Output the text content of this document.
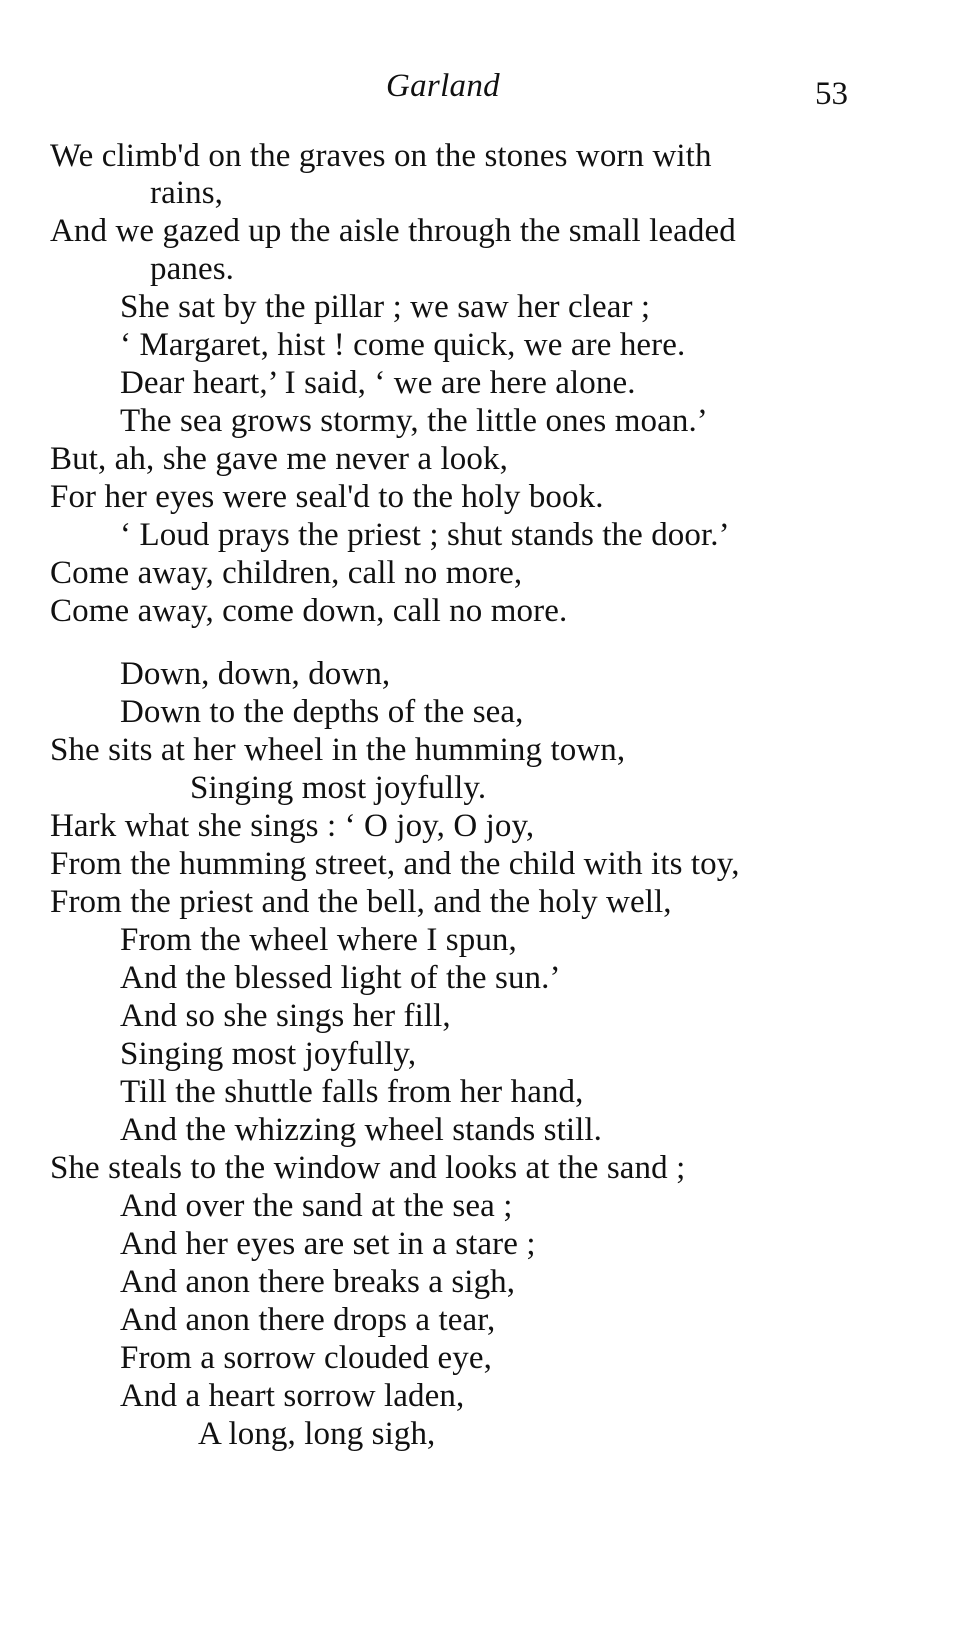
Garland	53
We climb'd on the graves on the stones worn with
rains,
And we gazed up the aisle through the small leaded
panes.
She sat by the pillar ; we saw her clear ;
‘ Margaret, hist ! come quick, we are here.
Dear heart,’ I said, ‘ we are here alone.
The sea grows stormy, the little ones moan.’
But, ah, she gave me never a look,
For her eyes were seal'd to the holy book.
‘ Loud prays the priest ; shut stands the door.’
Come away, children, call no more,
Come away, come down, call no more.
Down, down, down,
Down to the depths of the sea,
She sits at her wheel in the humming town,
Singing most joyfully.
Hark what she sings : ‘ O joy, O joy,
From the humming street, and the child with its toy,
From the priest and the bell, and the holy well,
From the wheel where I spun,
And the blessed light of the sun.’
And so she sings her fill,
Singing most joyfully,
Till the shuttle falls from her hand,
And the whizzing wheel stands still.
She steals to the window and looks at the sand ;
And over the sand at the sea ;
And her eyes are set in a stare ;
And anon there breaks a sigh,
And anon there drops a tear,
From a sorrow clouded eye,
And a heart sorrow laden,
A long, long sigh,
